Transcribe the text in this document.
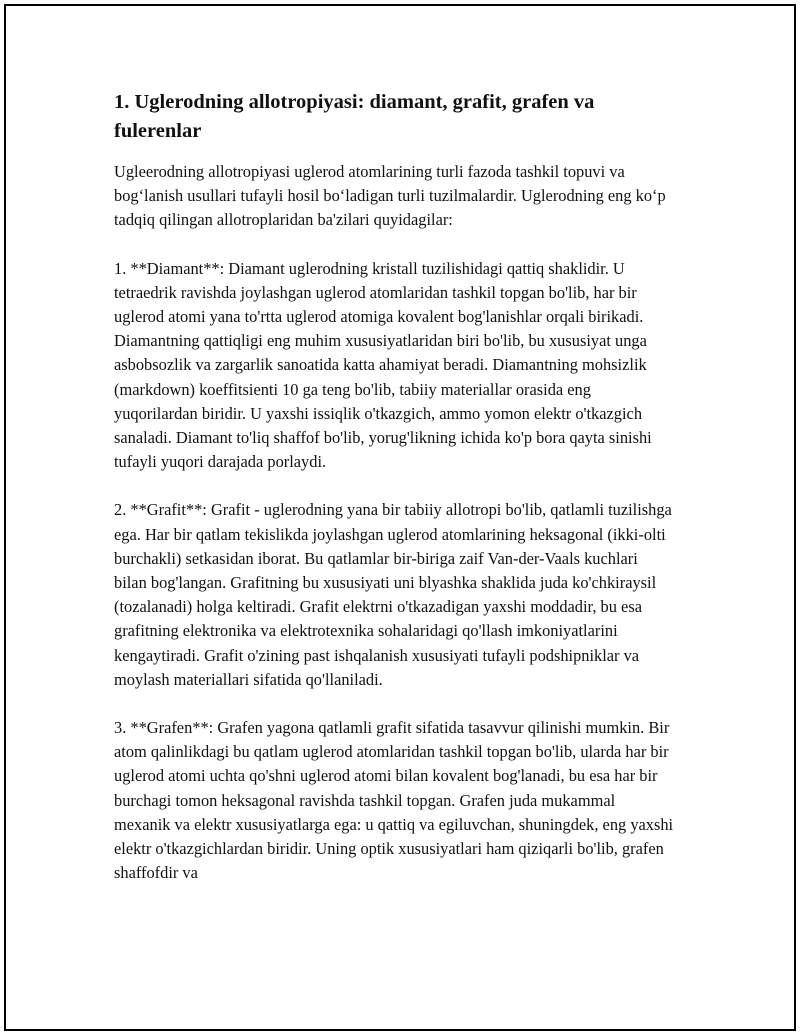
1. Uglerodning allotropiyasi: diamant, grafit, grafen va fulerenlar

Ugleerodning allotropiyasi uglerod atomlarining turli fazoda tashkil topuvi va bog‘lanish usullari tufayli hosil bo‘ladigan turli tuzilmalardir. Uglerodning eng ko‘p tadqiq qilingan allotroplaridan ba'zilari quyidagilar:

1. **Diamant**: Diamant uglerodning kristall tuzilishidagi qattiq shaklidir. U tetraedrik ravishda joylashgan uglerod atomlaridan tashkil topgan bo'lib, har bir uglerod atomi yana to'rtta uglerod atomiga kovalent bog'lanishlar orqali birikadi. Diamantning qattiqligi eng muhim xususiyatlaridan biri bo'lib, bu xususiyat unga asbobsozlik va zargarlik sanoatida katta ahamiyat beradi. Diamantning mohsizlik (markdown) koeffitsienti 10 ga teng bo'lib, tabiiy materiallar orasida eng yuqorilardan biridir. U yaxshi issiqlik o'tkazgich, ammo yomon elektr o'tkazgich sanaladi. Diamant to'liq shaffof bo'lib, yorug'likning ichida ko'p bora qayta sinishi tufayli yuqori darajada porlaydi.

2. **Grafit**: Grafit - uglerodning yana bir tabiiy allotropi bo'lib, qatlamli tuzilishga ega. Har bir qatlam tekislikda joylashgan uglerod atomlarining heksagonal (ikki-olti burchakli) setkasidan iborat. Bu qatlamlar bir-biriga zaif Van-der-Vaals kuchlari bilan bog'langan. Grafitning bu xususiyati uni blyashka shaklida juda ko'chkiraysil (tozalanadi) holga keltiradi. Grafit elektrni o'tkazadigan yaxshi moddadir, bu esa grafitning elektronika va elektrotexnika sohalaridagi qo'llash imkoniyatlarini kengaytiradi. Grafit o'zining past ishqalanish xususiyati tufayli podshipniklar va moylash materiallari sifatida qo'llaniladi.

3. **Grafen**: Grafen yagona qatlamli grafit sifatida tasavvur qilinishi mumkin. Bir atom qalinlikdagi bu qatlam uglerod atomlaridan tashkil topgan bo'lib, ularda har bir uglerod atomi uchta qo'shni uglerod atomi bilan kovalent bog'lanadi, bu esa har bir burchagi tomon heksagonal ravishda tashkil topgan. Grafen juda mukammal mexanik va elektr xususiyatlarga ega: u qattiq va egiluvchan, shuningdek, eng yaxshi elektr o'tkazgichlardan biridir. Uning optik xususiyatlari ham qiziqarli bo'lib, grafen shaffofdir va
